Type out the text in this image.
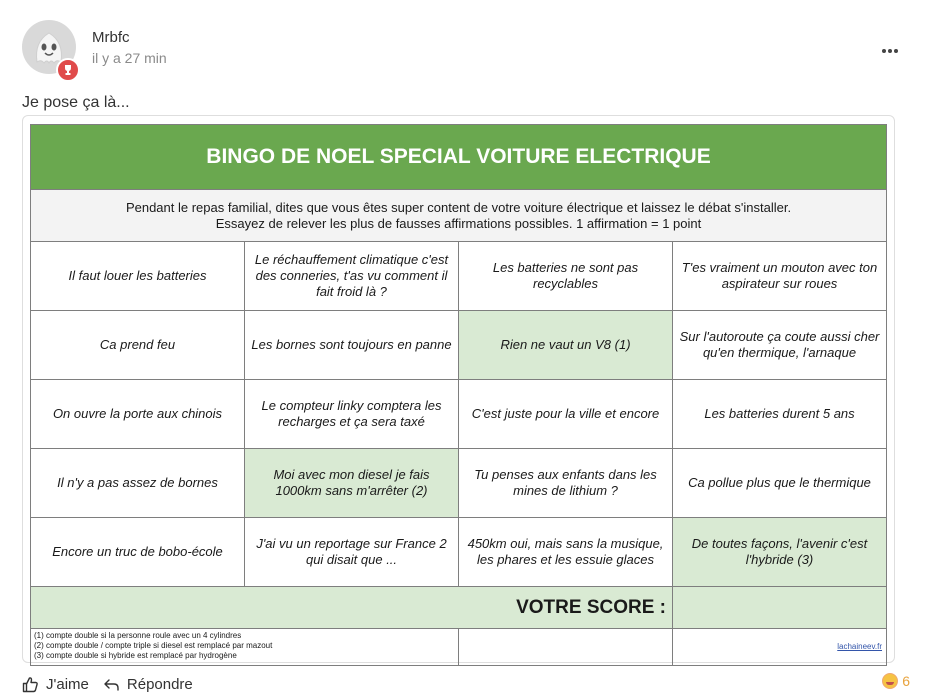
Mrbfc
il y a 27 min
Je pose ça là...
BINGO DE NOEL SPECIAL VOITURE ELECTRIQUE			
Pendant le repas familial, dites que vous êtes super content de votre voiture électrique et laissez le débat s'installer.
Essayez de relever les plus de fausses affirmations possibles. 1 affirmation = 1 point			
Il faut louer les batteries	Le réchauffement climatique c'est des conneries, t'as vu comment il fait froid là ?	Les batteries ne sont pas recyclables	T'es vraiment un mouton avec ton aspirateur sur roues
Ca prend feu	Les bornes sont toujours en panne	Rien ne vaut un V8 (1)	Sur l'autoroute ça coute aussi cher qu'en thermique, l'arnaque
On ouvre la porte aux chinois	Le compteur linky comptera les recharges et ça sera taxé	C'est juste pour la ville et encore	Les batteries durent 5 ans
Il n'y a pas assez de bornes	Moi avec mon diesel je fais 1000km sans m'arrêter (2)	Tu penses aux enfants dans les mines de lithium ?	Ca pollue plus que le thermique
Encore un truc de bobo-école	J'ai vu un reportage sur France 2 qui disait que ...	450km oui, mais sans la musique, les phares et les essuie glaces	De toutes façons, l'avenir c'est l'hybride (3)
VOTRE SCORE :			

(1) compte double si la personne roule avec un 4 cylindres
(2) compte double / compte triple si diesel est remplacé par mazout
(3) compte double si hybride est remplacé par hydrogène			lachaineev.fr
J'aime	Répondre	6
